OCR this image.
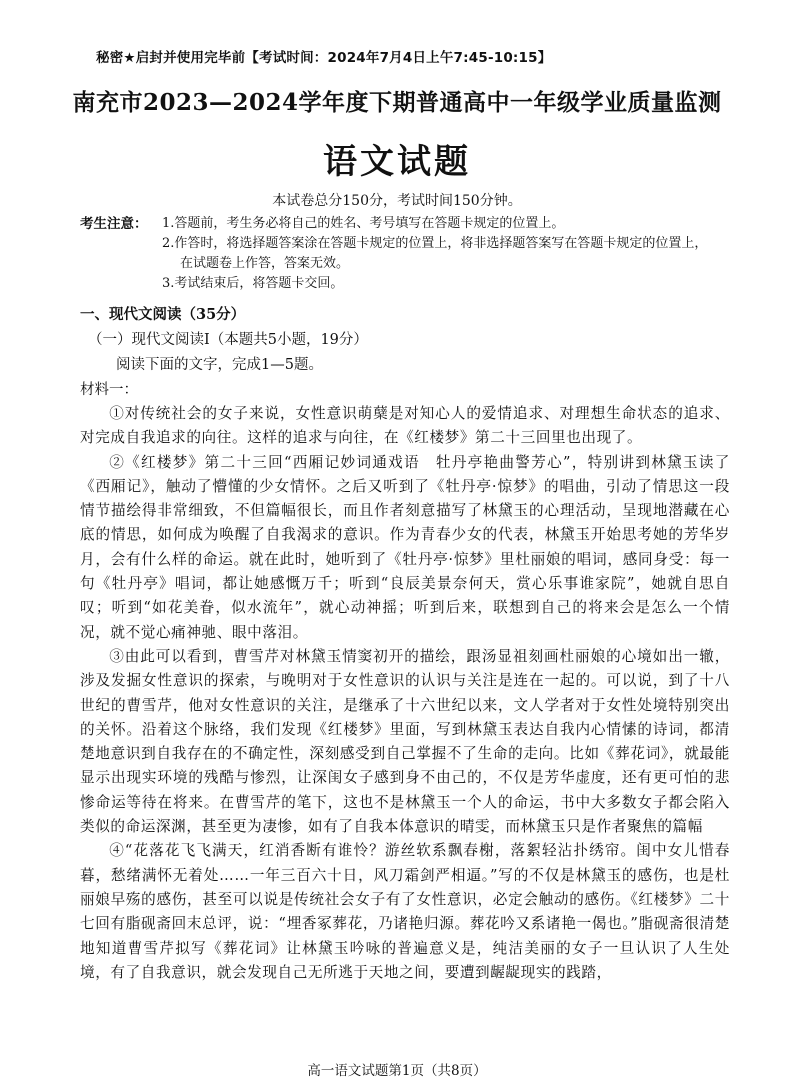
秘密★启封并使用完毕前【考试时间：2024年7月4日上午7:45-10:15】
南充市2023—2024学年度下期普通高中一年级学业质量监测
语文试题
本试卷总分150分，考试时间150分钟。
考生注意： 1.答题前，考生务必将自己的姓名、考号填写在答题卡规定的位置上。
2.作答时，将选择题答案涂在答题卡规定的位置上，将非选择题答案写在答题卡规定的位置上，
在试题卷上作答，答案无效。
3.考试结束后，将答题卡交回。
一、现代文阅读（35分）
（一）现代文阅读Ⅰ（本题共5小题，19分）
阅读下面的文字，完成1—5题。
材料一：

①对传统社会的女子来说，女性意识萌蘖是对知心人的爱情追求、对理想生命状态的追求、对完成自我追求的向往。这样的追求与向往，在《红楼梦》第二十三回里也出现了。

②《红楼梦》第二十三回“西厢记妙词通戏语　牡丹亭艳曲警芳心”，特别讲到林黛玉读了《西厢记》，触动了懵懂的少女情怀。之后又听到了《牡丹亭·惊梦》的唱曲，引动了情思这一段情节描绘得非常细致，不但篇幅很长，而且作者刻意描写了林黛玉的心理活动，呈现地潜藏在心底的情思，如何成为唤醒了自我渴求的意识。作为青春少女的代表，林黛玉开始思考她的芳华岁月，会有什么样的命运。就在此时，她听到了《牡丹亭·惊梦》里杜丽娘的唱词，感同身受：每一句《牡丹亭》唱词，都让她感慨万千；听到“良辰美景奈何天，赏心乐事谁家院”，她就自思自叹；听到“如花美眷，似水流年”，就心动神摇；听到后来，联想到自己的将来会是怎么一个情况，就不觉心痛神驰、眼中落泪。

③由此可以看到，曹雪芹对林黛玉情窦初开的描绘，跟汤显祖刻画杜丽娘的心境如出一辙，涉及发掘女性意识的探索，与晚明对于女性意识的认识与关注是连在一起的。可以说，到了十八世纪的曹雪芹，他对女性意识的关注，是继承了十六世纪以来，文人学者对于女性处境特别突出的关怀。沿着这个脉络，我们发现《红楼梦》里面，写到林黛玉表达自我内心情愫的诗词，都清楚地意识到自我存在的不确定性，深刻感受到自己掌握不了生命的走向。比如《葬花词》，就最能显示出现实环境的残酷与惨烈，让深闺女子感到身不由己的，不仅是芳华虚度，还有更可怕的悲惨命运等待在将来。在曹雪芹的笔下，这也不是林黛玉一个人的命运，书中大多数女子都会陷入类似的命运深渊，甚至更为凄惨，如有了自我本体意识的晴雯，而林黛玉只是作者聚焦的篇幅

④“花落花飞飞满天，红消香断有谁怜？游丝软系飘春榭，落絮轻沾扑绣帘。闺中女儿惜春暮，愁绪满怀无着处……一年三百六十日，风刀霜剑严相逼。”写的不仅是林黛玉的感伤，也是杜丽娘早殇的感伤，甚至可以说是传统社会女子有了女性意识，必定会触动的感伤。《红楼梦》二十七回有脂砚斋回末总评，说：“埋香冢葬花，乃诸艳归源。葬花吟又系诸艳一偈也。”脂砚斋很清楚地知道曹雪芹拟写《葬花词》让林黛玉吟咏的普遍意义是，纯洁美丽的女子一旦认识了人生处境，有了自我意识，就会发现自己无所逃于天地之间，要遭到龌龊现实的践踏，

高一语文试题第1页（共8页）
